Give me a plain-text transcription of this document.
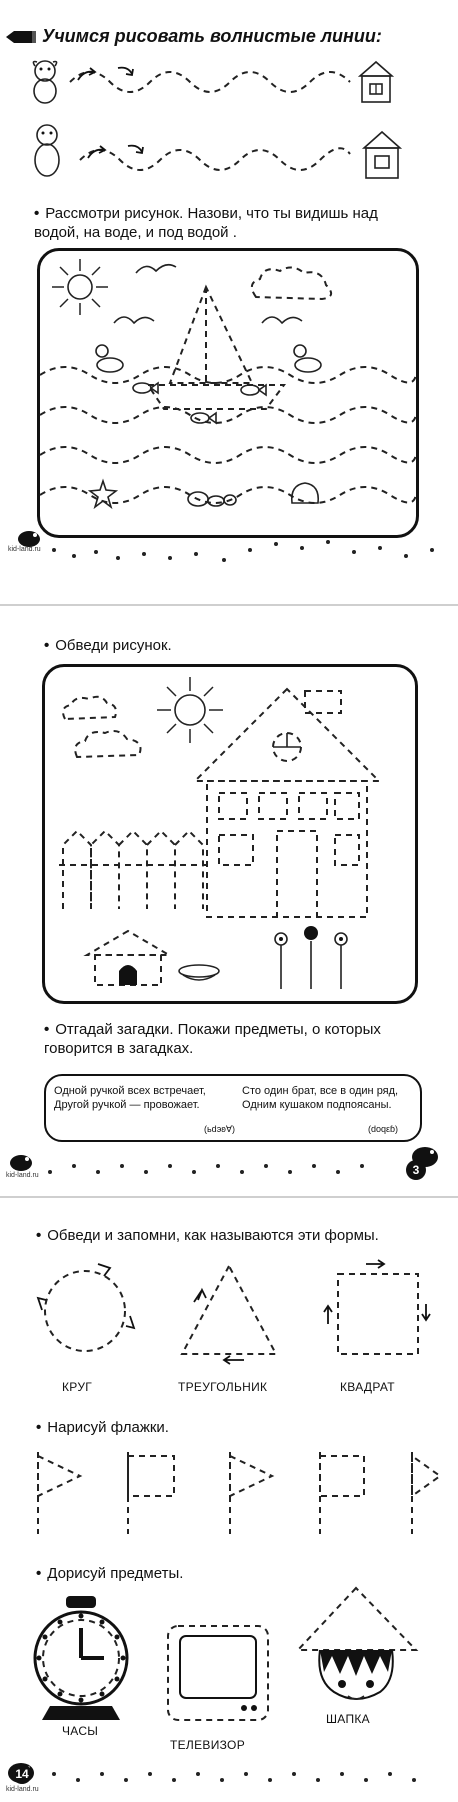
Учимся рисовать волнистые линии:
• Рассмотри рисунок. Назови, что ты видишь над водой, на воде, и под водой .
kid-land.ru
• Обведи рисунок.
• Отгадай загадки. Покажи предметы, о которых говорится в загадках.
Одной ручкой всех встречает,
Другой ручкой — провожает.
(ьdэʚ∀)
Сто один брат, все в один ряд,
Одним кушаком подпоясаны.
(doqεɓ)
kid-land.ru	3
• Обведи и запомни, как называются эти формы.
КРУГ	ТРЕУГОЛЬНИК	КВАДРАТ
• Нарисуй флажки.
• Дорисуй предметы.
ЧАСЫ
ТЕЛЕВИЗОР
ШАПКА
14
kid-land.ru
